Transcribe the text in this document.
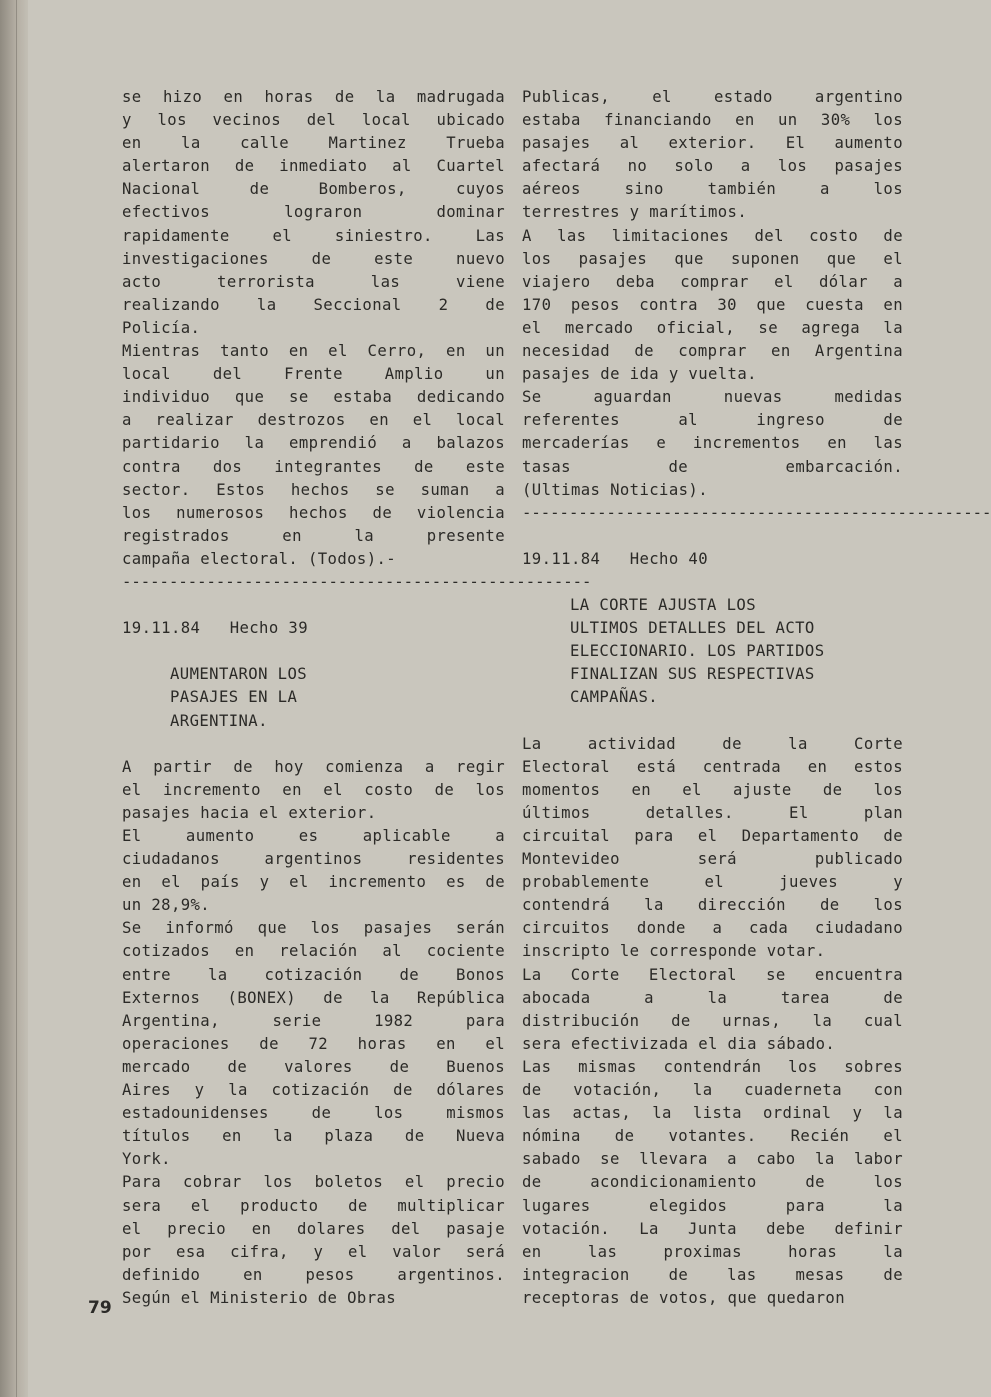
se hizo en horas de la madrugada
y los vecinos del local ubicado
en la calle Martinez Trueba
alertaron de inmediato al Cuartel
Nacional de Bomberos, cuyos
efectivos lograron dominar
rapidamente el siniestro. Las
investigaciones de este nuevo
acto terrorista las viene
realizando la Seccional 2 de
Policía.
Mientras tanto en el Cerro, en un
local del Frente Amplio un
individuo que se estaba dedicando
a realizar destrozos en el local
partidario la emprendió a balazos
contra dos integrantes de este
sector. Estos hechos se suman a
los numerosos hechos de violencia
registrados en la presente
campaña electoral. (Todos).-
--------------------------------------------------

19.11.84 Hecho 39

AUMENTARON LOS
PASAJES EN LA
ARGENTINA.
A partir de hoy comienza a regir
el incremento en el costo de los
pasajes hacia el exterior.
El aumento es aplicable a
ciudadanos argentinos residentes
en el país y el incremento es de
un 28,9%.
Se informó que los pasajes serán
cotizados en relación al cociente
entre la cotización de Bonos
Externos (BONEX) de la República
Argentina, serie 1982 para
operaciones de 72 horas en el
mercado de valores de Buenos
Aires y la cotización de dólares
estadounidenses de los mismos
títulos en la plaza de Nueva
York.
Para cobrar los boletos el precio
sera el producto de multiplicar
el precio en dolares del pasaje
por esa cifra, y el valor será
definido en pesos argentinos.
Según el Ministerio de Obras
Publicas, el estado argentino
estaba financiando en un 30% los
pasajes al exterior. El aumento
afectará no solo a los pasajes
aéreos sino también a los
terrestres y marítimos.
A las limitaciones del costo de
los pasajes que suponen que el
viajero deba comprar el dólar a
170 pesos contra 30 que cuesta en
el mercado oficial, se agrega la
necesidad de comprar en Argentina
pasajes de ida y vuelta.
Se aguardan nuevas medidas
referentes al ingreso de
mercaderías e incrementos en las
tasas de embarcación.
(Ultimas Noticias).
--------------------------------------------------

19.11.84 Hecho 40

LA CORTE AJUSTA LOS
ULTIMOS DETALLES DEL ACTO
ELECCIONARIO. LOS PARTIDOS
FINALIZAN SUS RESPECTIVAS
CAMPAÑAS.
La actividad de la Corte
Electoral está centrada en estos
momentos en el ajuste de los
últimos detalles. El plan
circuital para el Departamento de
Montevideo será publicado
probablemente el jueves y
contendrá la dirección de los
circuitos donde a cada ciudadano
inscripto le corresponde votar.
La Corte Electoral se encuentra
abocada a la tarea de
distribución de urnas, la cual
sera efectivizada el dia sábado.
Las mismas contendrán los sobres
de votación, la cuaderneta con
las actas, la lista ordinal y la
nómina de votantes. Recién el
sabado se llevara a cabo la labor
de acondicionamiento de los
lugares elegidos para la
votación. La Junta debe definir
en las proximas horas la
integracion de las mesas de
receptoras de votos, que quedaron
79
